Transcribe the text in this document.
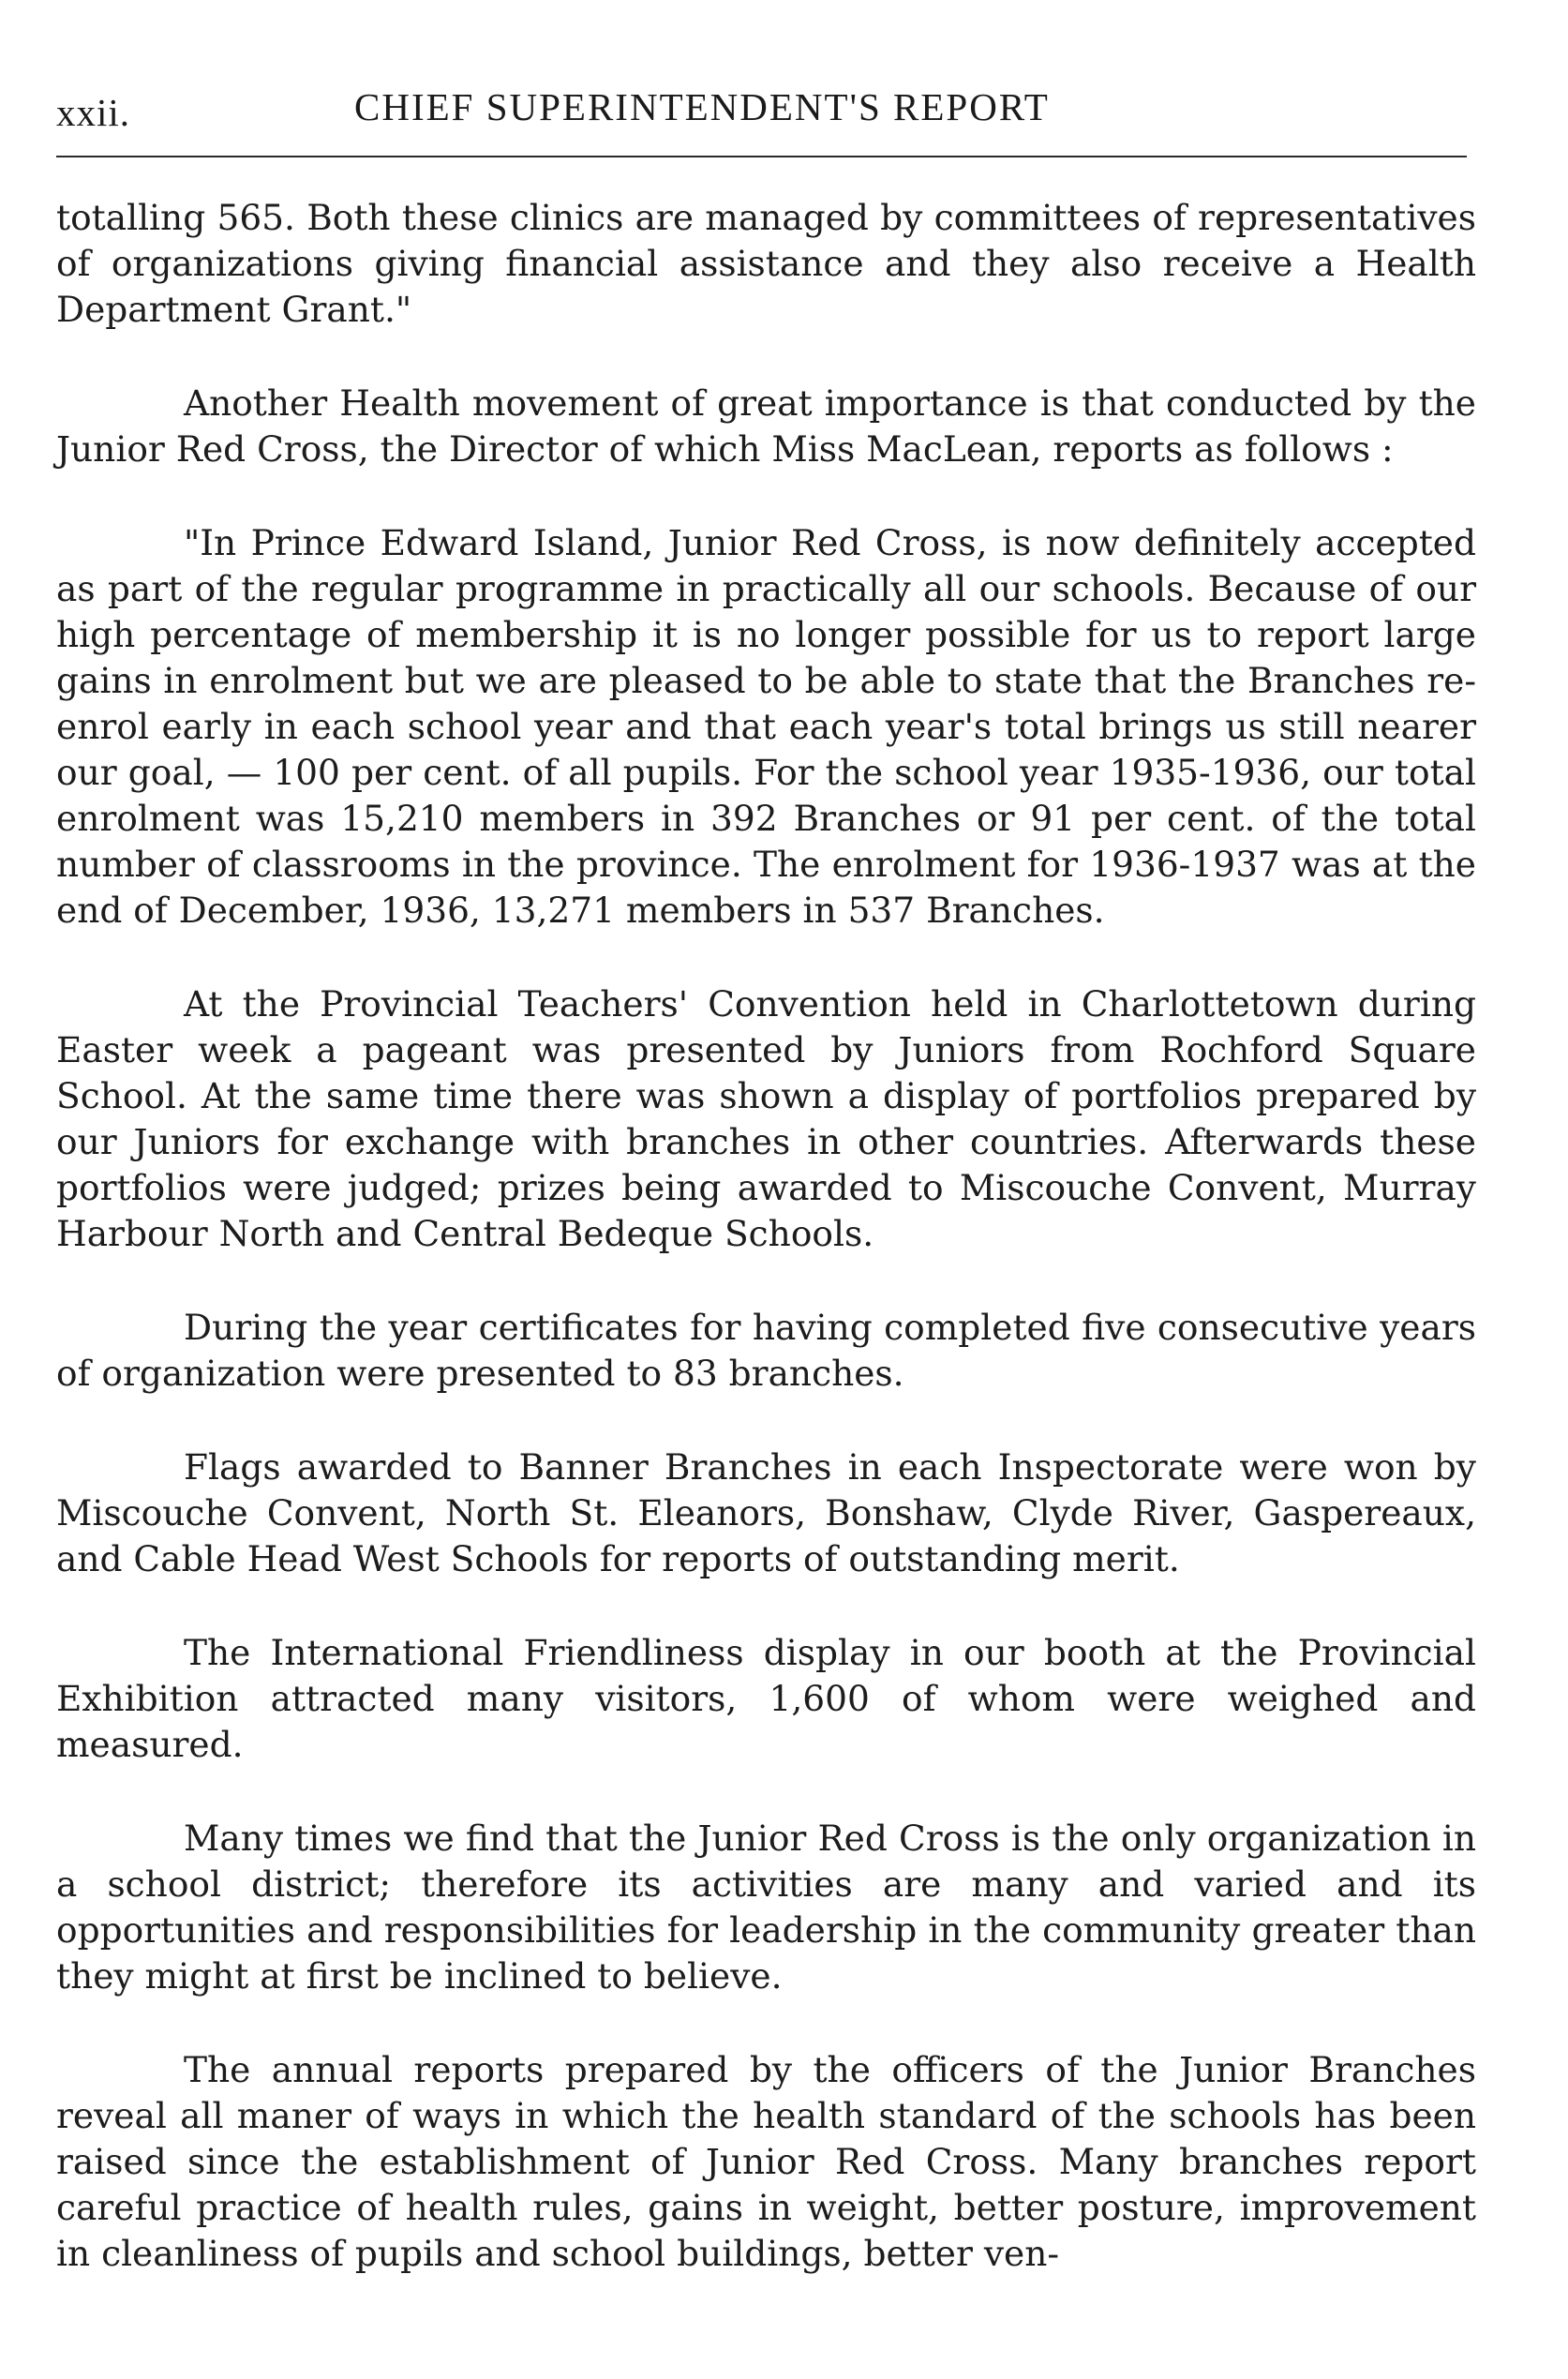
xxii.	CHIEF SUPERINTENDENT'S REPORT

totalling 565. Both these clinics are managed by committees of representatives of organizations giving financial assistance and they also receive a Health Department Grant."

Another Health movement of great importance is that conducted by the Junior Red Cross, the Director of which Miss MacLean, reports as follows :

"In Prince Edward Island, Junior Red Cross, is now definitely accepted as part of the regular programme in practically all our schools. Because of our high percentage of membership it is no longer possible for us to report large gains in enrolment but we are pleased to be able to state that the Branches re-enrol early in each school year and that each year's total brings us still nearer our goal, — 100 per cent. of all pupils. For the school year 1935-1936, our total enrolment was 15,210 members in 392 Branches or 91 per cent. of the total number of classrooms in the province. The enrolment for 1936-1937 was at the end of December, 1936, 13,271 members in 537 Branches.

At the Provincial Teachers' Convention held in Charlottetown during Easter week a pageant was presented by Juniors from Rochford Square School. At the same time there was shown a display of portfolios prepared by our Juniors for exchange with branches in other countries. Afterwards these portfolios were judged; prizes being awarded to Miscouche Convent, Murray Harbour North and Central Bedeque Schools.

During the year certificates for having completed five consecutive years of organization were presented to 83 branches.

Flags awarded to Banner Branches in each Inspectorate were won by Miscouche Convent, North St. Eleanors, Bonshaw, Clyde River, Gaspereaux, and Cable Head West Schools for reports of outstanding merit.

The International Friendliness display in our booth at the Provincial Exhibition attracted many visitors, 1,600 of whom were weighed and measured.

Many times we find that the Junior Red Cross is the only organization in a school district; therefore its activities are many and varied and its opportunities and responsibilities for leadership in the community greater than they might at first be inclined to believe.

The annual reports prepared by the officers of the Junior Branches reveal all maner of ways in which the health standard of the schools has been raised since the establishment of Junior Red Cross. Many branches report careful practice of health rules, gains in weight, better posture, improvement in cleanliness of pupils and school buildings, better ven-
